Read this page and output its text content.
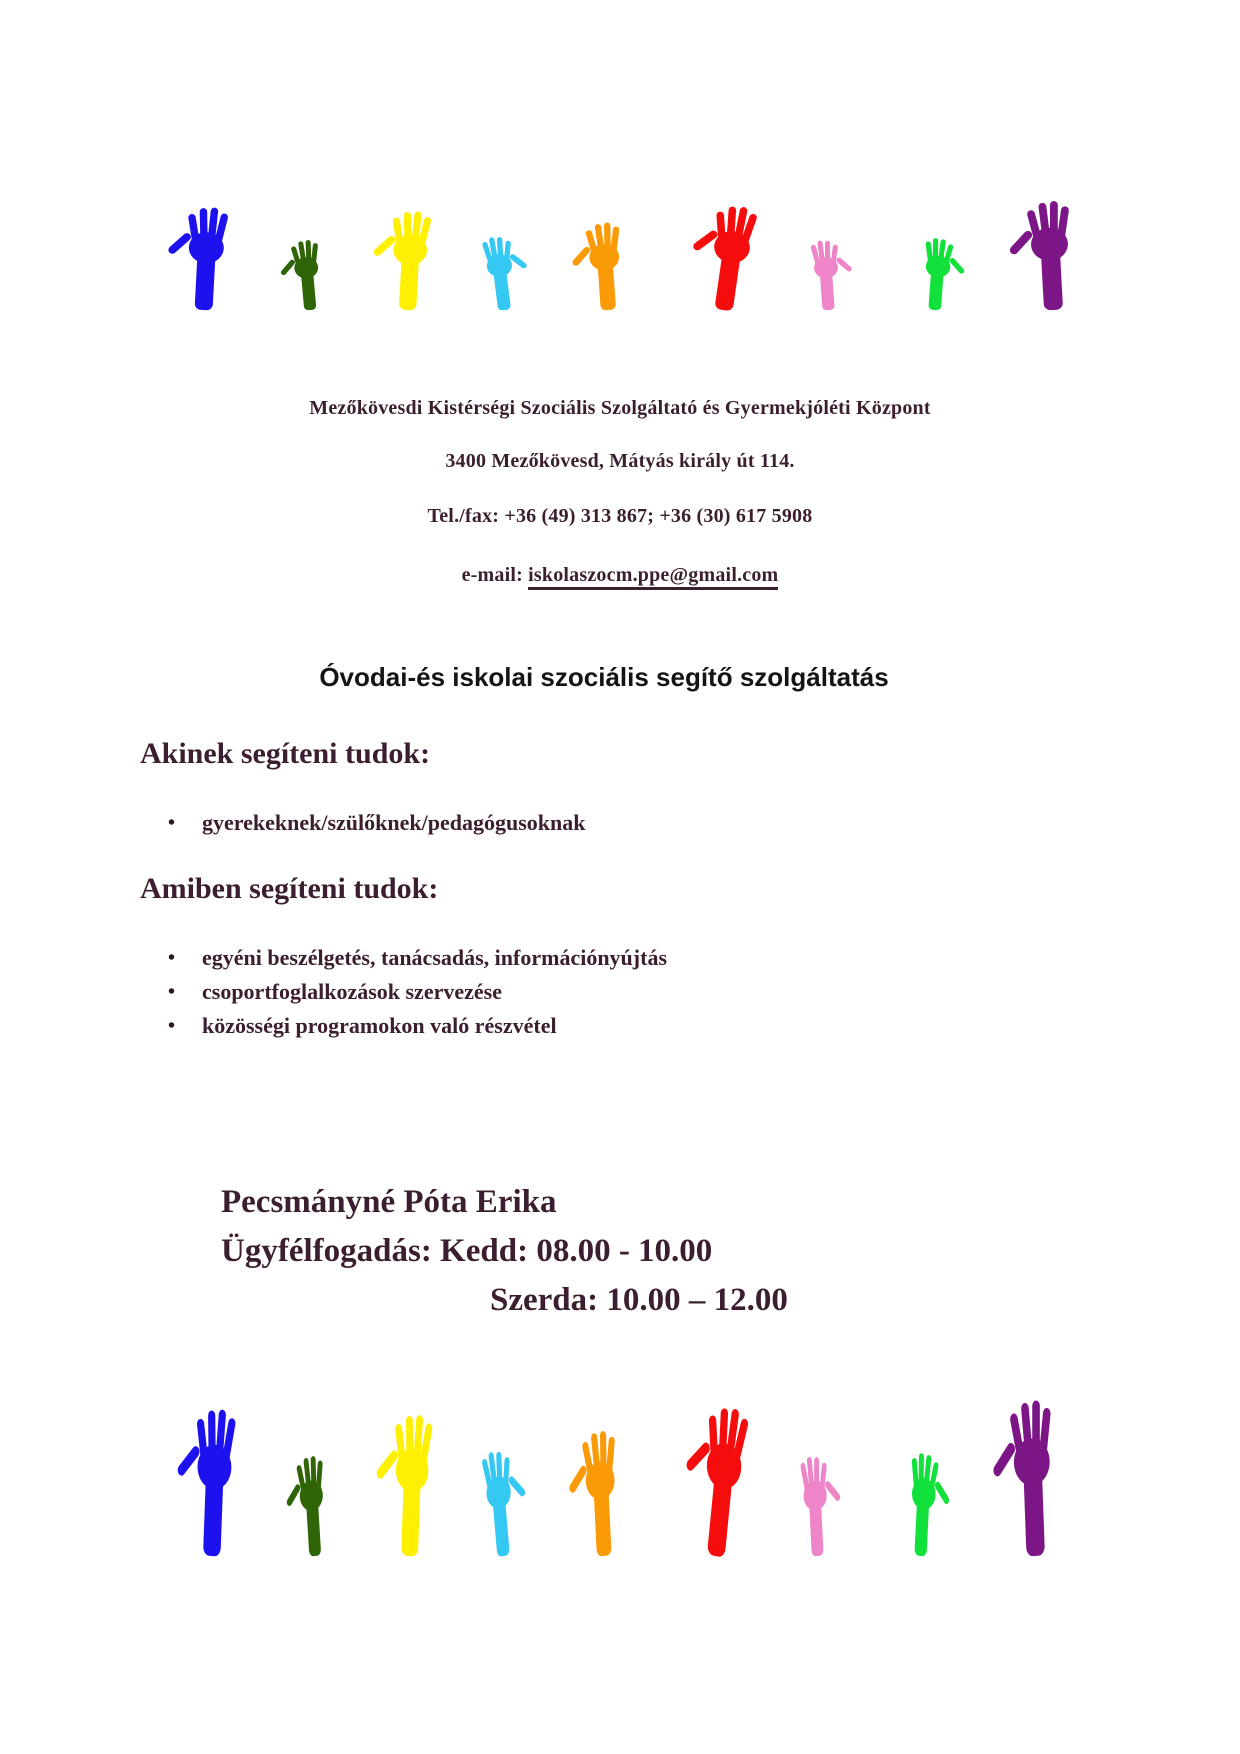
Mezőkövesdi Kistérségi Szociális Szolgáltató és Gyermekjóléti Központ
3400 Mezőkövesd, Mátyás király út 114.
Tel./fax: +36 (49) 313 867; +36 (30) 617 5908
e-mail: iskolaszocm.ppe@gmail.com
Óvodai-és iskolai szociális segítő szolgáltatás
Akinek segíteni tudok:
• gyerekeknek/szülőknek/pedagógusoknak
Amiben segíteni tudok:
• egyéni beszélgetés, tanácsadás, információnyújtás
• csoportfoglalkozások szervezése
• közösségi programokon való részvétel
Pecsmányné Póta Erika
Ügyfélfogadás: Kedd: 08.00 - 10.00
Szerda: 10.00 – 12.00
